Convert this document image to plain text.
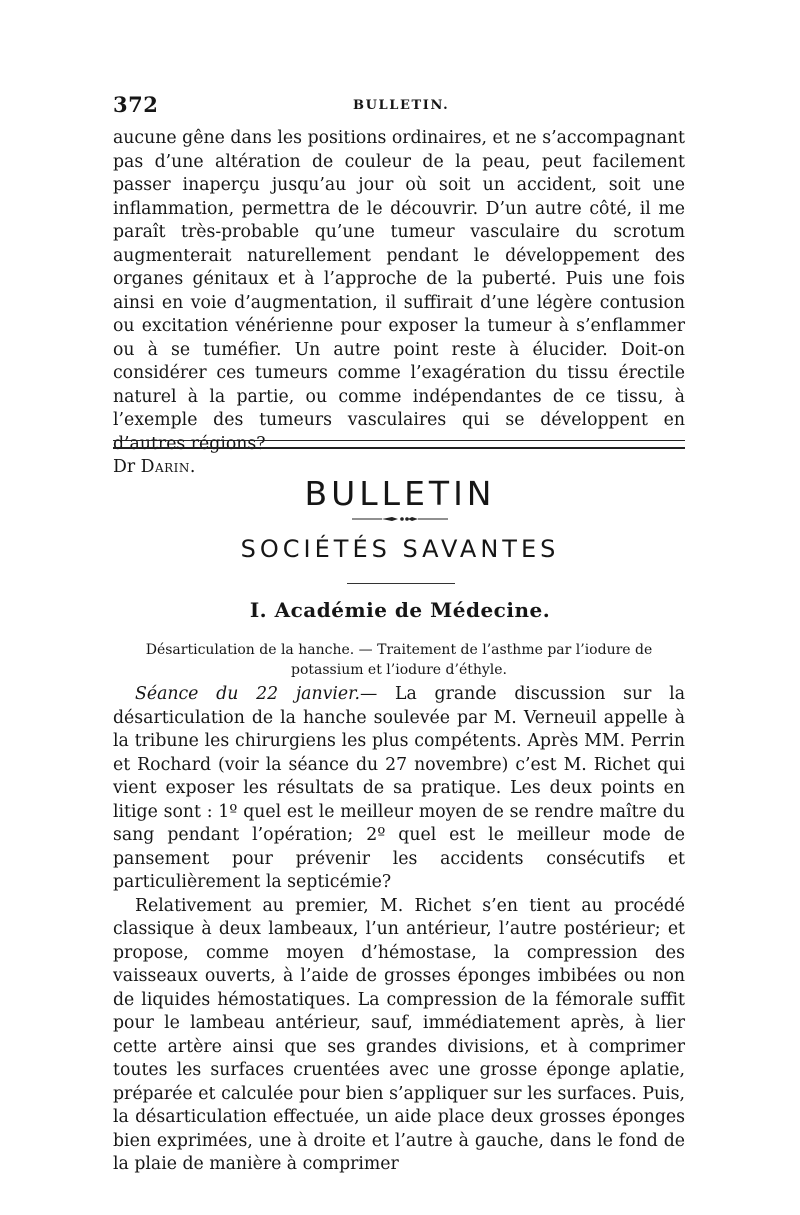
372	BULLETIN.

aucune gêne dans les positions ordinaires, et ne s’accompagnant pas d’une altération de couleur de la peau, peut facilement passer inaperçu jusqu’au jour où soit un accident, soit une inflammation, permettra de le découvrir. D’un autre côté, il me paraît très-probable qu’une tumeur vasculaire du scrotum augmenterait naturellement pendant le développement des organes génitaux et à l’approche de la puberté. Puis une fois ainsi en voie d’augmentation, il suffirait d’une légère contusion ou excitation vénérienne pour exposer la tumeur à s’enflammer ou à se tuméfier. Un autre point reste à élucider. Doit-on considérer ces tumeurs comme l’exagération du tissu érectile naturel à la partie, ou comme indépendantes de ce tissu, à l’exemple des tumeurs vasculaires qui se développent en d’autres régions?

Dr Darin.

BULLETIN
SOCIÉTÉS SAVANTES
I. Académie de Médecine.
Désarticulation de la hanche. — Traitement de l’asthme par l’iodure de potassium et l’iodure d’éthyle.

Séance du 22 janvier.— La grande discussion sur la désarticulation de la hanche soulevée par M. Verneuil appelle à la tribune les chirurgiens les plus compétents. Après MM. Perrin et Rochard (voir la séance du 27 novembre) c’est M. Richet qui vient exposer les résultats de sa pratique. Les deux points en litige sont : 1º quel est le meilleur moyen de se rendre maître du sang pendant l’opération; 2º quel est le meilleur mode de pansement pour prévenir les accidents consécutifs et particulièrement la septicémie?

Relativement au premier, M. Richet s’en tient au procédé classique à deux lambeaux, l’un antérieur, l’autre postérieur; et propose, comme moyen d’hémostase, la compression des vaisseaux ouverts, à l’aide de grosses éponges imbibées ou non de liquides hémostatiques. La compression de la fémorale suffit pour le lambeau antérieur, sauf, immédiatement après, à lier cette artère ainsi que ses grandes divisions, et à comprimer toutes les surfaces cruentées avec une grosse éponge aplatie, préparée et calculée pour bien s’appliquer sur les surfaces. Puis, la désarticulation effectuée, un aide place deux grosses éponges bien exprimées, une à droite et l’autre à gauche, dans le fond de la plaie de manière à comprimer
